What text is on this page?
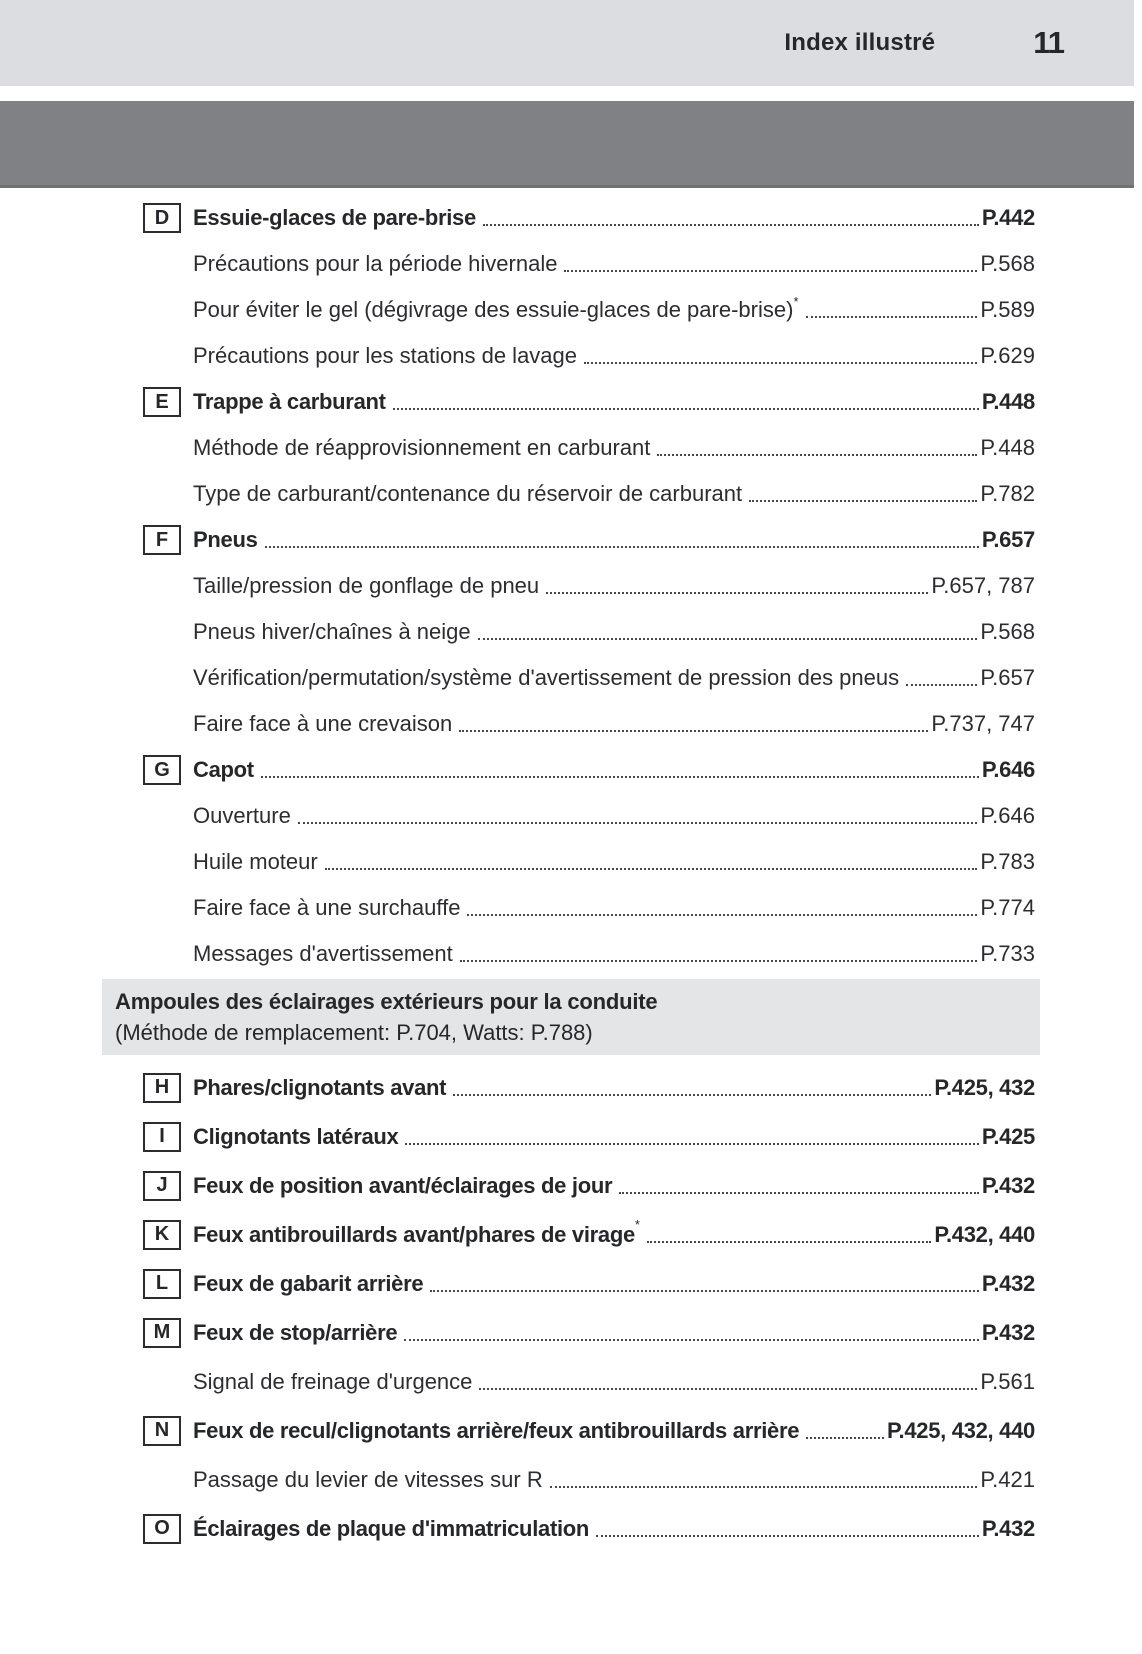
Index illustré	11
D	Essuie-glaces de pare-brise	P.442
Précautions pour la période hivernale	P.568
Pour éviter le gel (dégivrage des essuie-glaces de pare-brise) *	P.589
Précautions pour les stations de lavage	P.629
E	Trappe à carburant	P.448
Méthode de réapprovisionnement en carburant	P.448
Type de carburant/contenance du réservoir de carburant	P.782
F	Pneus	P.657
Taille/pression de gonflage de pneu	P.657, 787
Pneus hiver/chaînes à neige	P.568
Vérification/permutation/système d'avertissement de pression des pneus	P.657
Faire face à une crevaison	P.737, 747
G	Capot	P.646
Ouverture	P.646
Huile moteur	P.783
Faire face à une surchauffe	P.774
Messages d'avertissement	P.733
Ampoules des éclairages extérieurs pour la conduite
(Méthode de remplacement: P.704, Watts: P.788)
H	Phares/clignotants avant	P.425, 432
I	Clignotants latéraux	P.425
J	Feux de position avant/éclairages de jour	P.432
K	Feux antibrouillards avant/phares de virage *	P.432, 440
L	Feux de gabarit arrière	P.432
M	Feux de stop/arrière	P.432
Signal de freinage d'urgence	P.561
N	Feux de recul/clignotants arrière/feux antibrouillards arrière	P.425, 432, 440
Passage du levier de vitesses sur R	P.421
O	Éclairages de plaque d'immatriculation	P.432
